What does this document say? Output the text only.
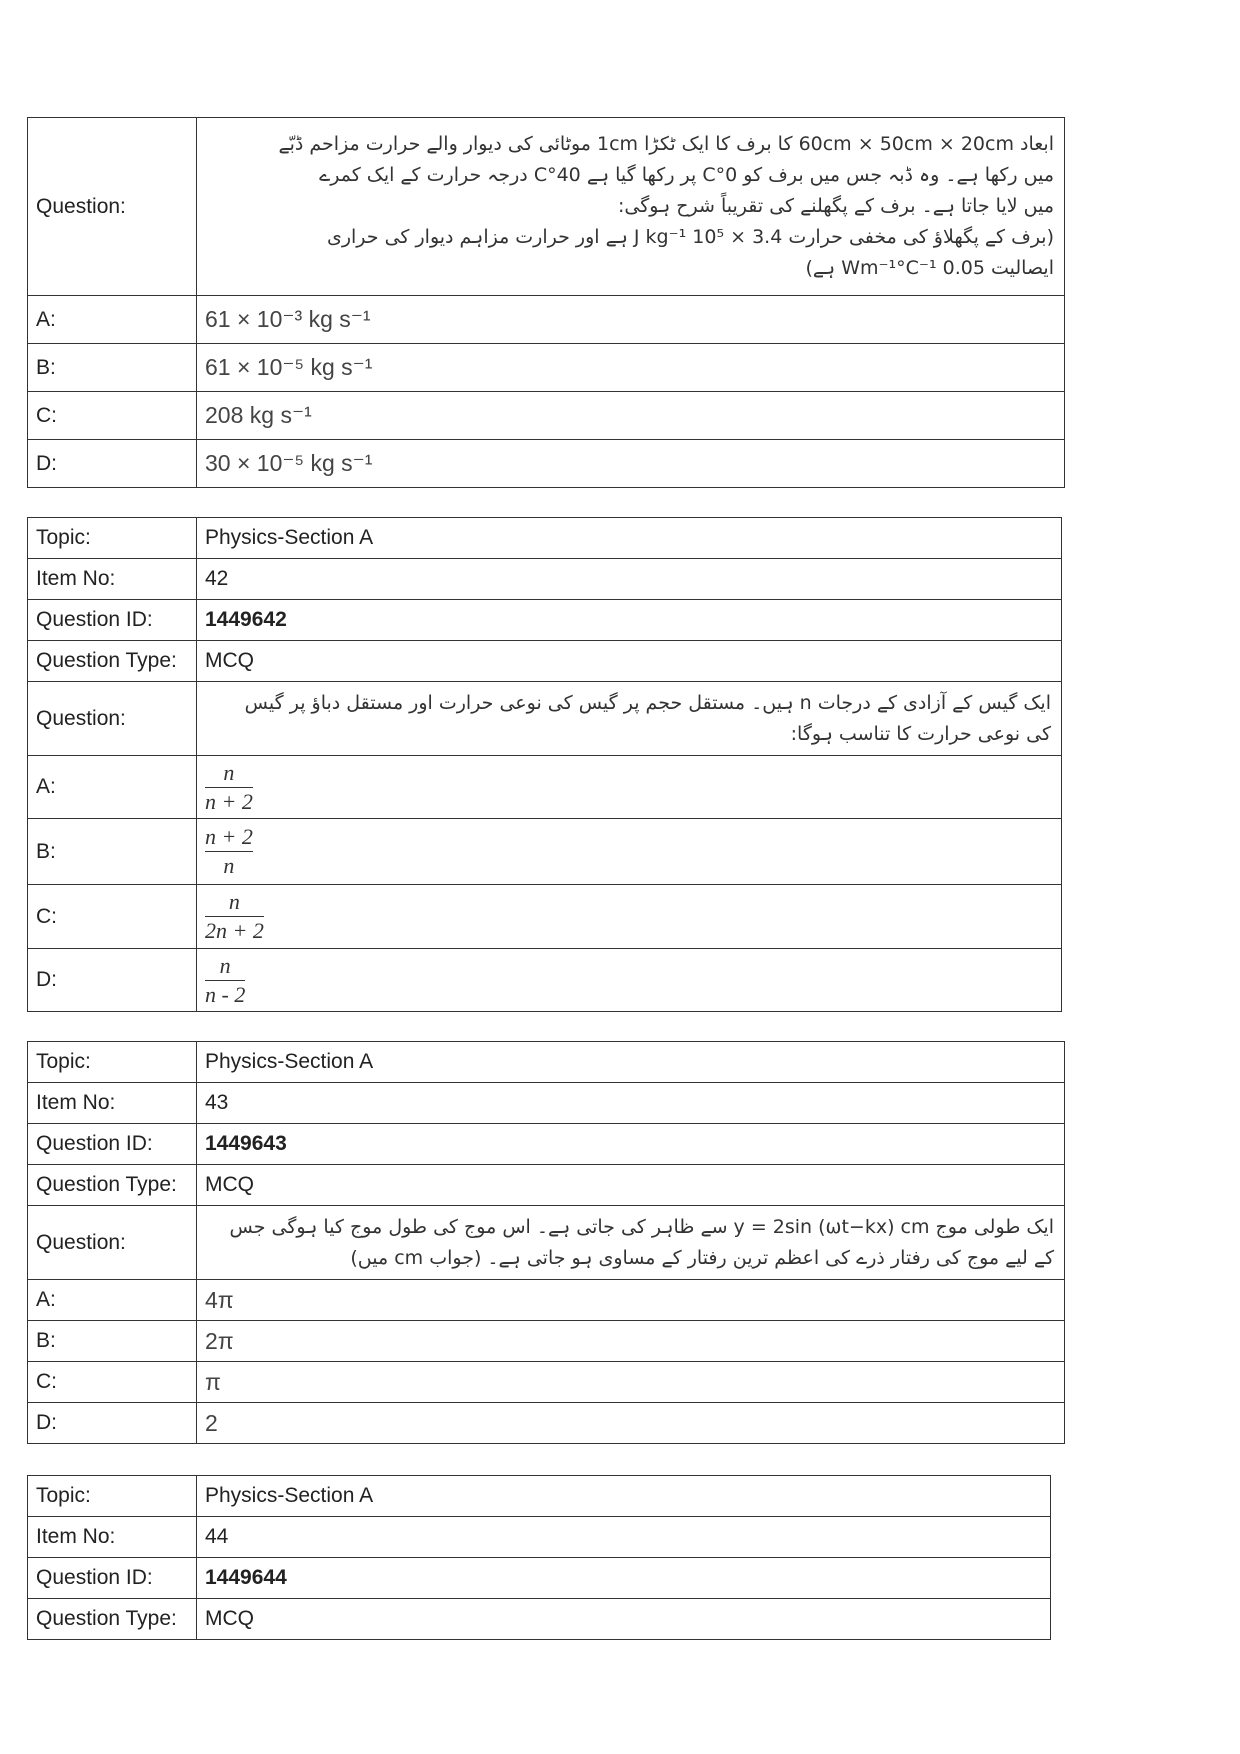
Question:	ابعاد 60cm × 50cm × 20cm کا برف کا ایک ٹکڑا 1cm موٹائی کی دیوار والے حرارت مزاحم ڈبّے
میں رکھا ہے۔ وہ ڈبہ جس میں برف کو 0°C پر رکھا گیا ہے 40°C درجہ حرارت کے ایک کمرے
میں لایا جاتا ہے۔ برف کے پگھلنے کی تقریباً شرح ہوگی:
(برف کے پگھلاؤ کی مخفی حرارت 3.4 × 10⁵ J kg⁻¹ ہے اور حرارت مزاہم دیوار کی حراری
ایصالیت 0.05 Wm⁻¹°C⁻¹ ہے)

A:	61 × 10⁻³ kg s⁻¹
B:	61 × 10⁻⁵ kg s⁻¹
C:	208 kg s⁻¹
D:	30 × 10⁻⁵ kg s⁻¹
Topic:	Physics-Section A
Item No:	42
Question ID:	1449642
Question Type:	MCQ
Question:	ایک گیس کے آزادی کے درجات n ہیں۔ مستقل حجم پر گیس کی نوعی حرارت اور مستقل دباؤ پر گیس
کی نوعی حرارت کا تناسب ہوگا:

A:	$\frac{n}{n + 2}$

B:	$\frac{n + 2}{n}$

C:	$\frac{n}{2n + 2}$

D:	$\frac{n}{n - 2}$
Topic:	Physics-Section A
Item No:	43
Question ID:	1449643
Question Type:	MCQ
Question:	ایک طولی موج y = 2sin (ωt−kx) cm سے ظاہر کی جاتی ہے۔ اس موج کی طول موج کیا ہوگی جس
کے لیے موج کی رفتار ذرے کی اعظم ترین رفتار کے مساوی ہو جاتی ہے۔ (جواب cm میں)

A:	4π
B:	2π
C:	π
D:	2
Topic:	Physics-Section A
Item No:	44
Question ID:	1449644
Question Type:	MCQ
